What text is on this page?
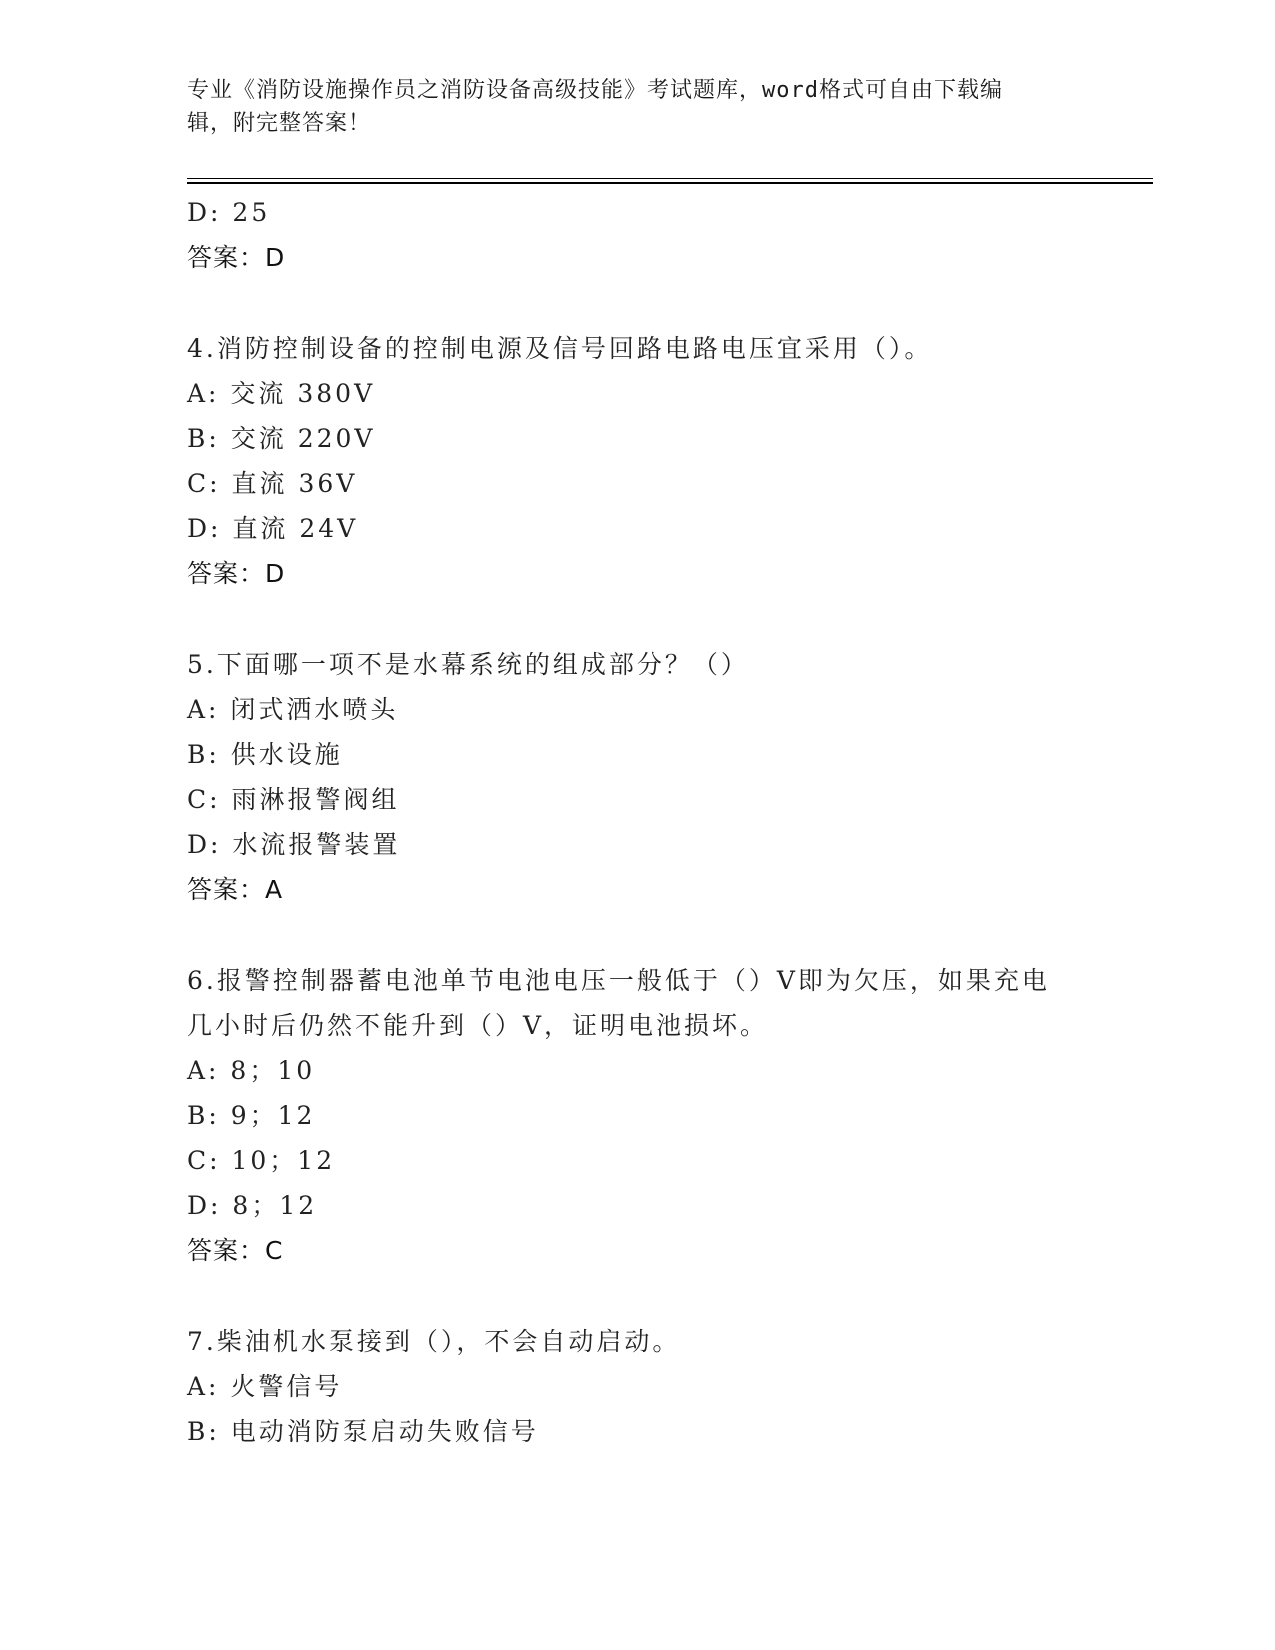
专业《消防设施操作员之消防设备高级技能》考试题库，word格式可自由下载编
辑，附完整答案！
D: 25
答案：D
4.消防控制设备的控制电源及信号回路电路电压宜采用（）。
A: 交流 380V
B: 交流 220V
C: 直流 36V
D: 直流 24V
答案：D
5.下面哪一项不是水幕系统的组成部分？（）
A: 闭式洒水喷头
B: 供水设施
C: 雨淋报警阀组
D: 水流报警装置
答案：A
6.报警控制器蓄电池单节电池电压一般低于（）V即为欠压，如果充电
几小时后仍然不能升到（）V，证明电池损坏。
A: 8；10
B: 9；12
C: 10；12
D: 8；12
答案：C
7.柴油机水泵接到（），不会自动启动。
A: 火警信号
B: 电动消防泵启动失败信号
